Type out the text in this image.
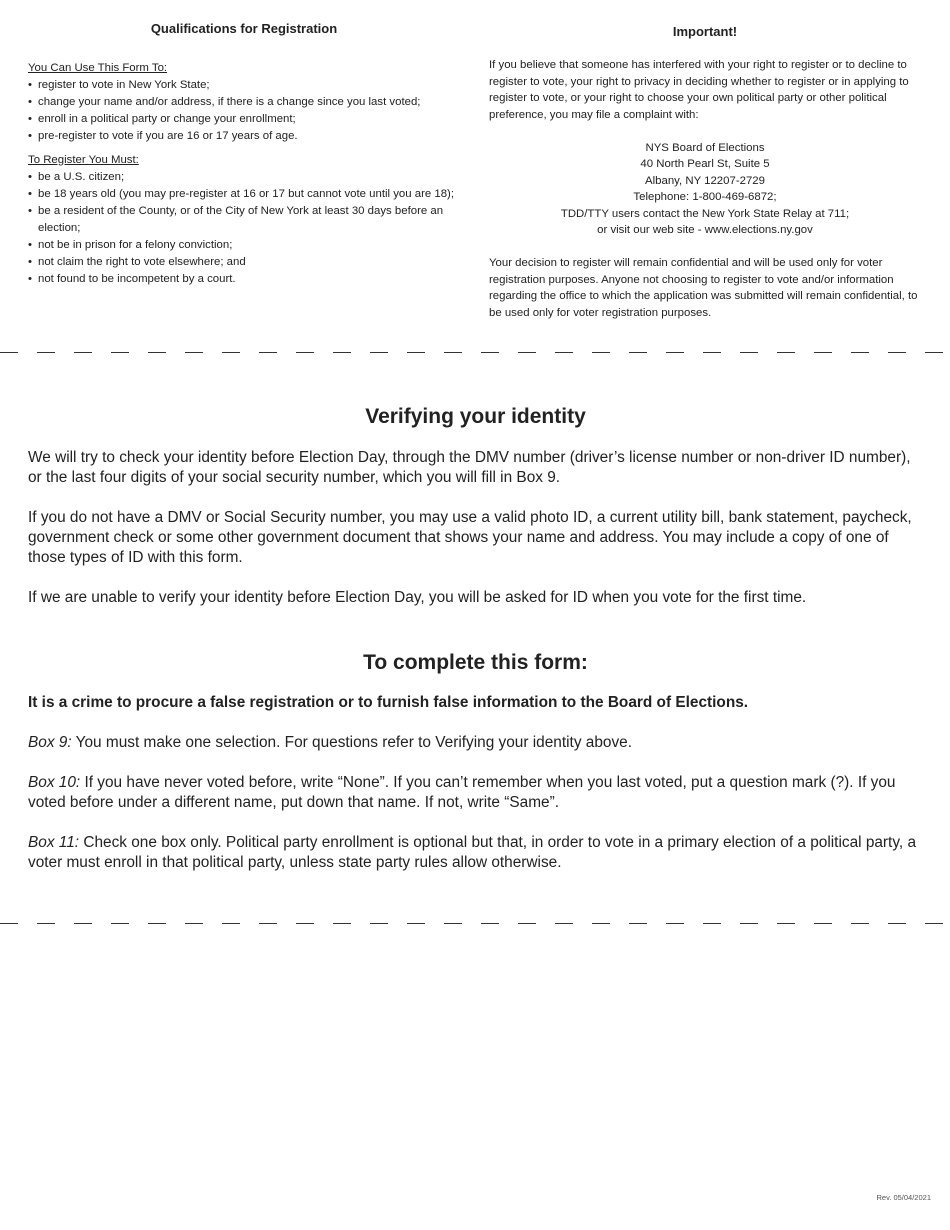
Qualifications for Registration
You Can Use This Form To:
• register to vote in New York State;
• change your name and/or address, if there is a change since you last voted;
• enroll in a political party or change your enrollment;
• pre-register to vote if you are 16 or 17 years of age.
To Register You Must:
• be a U.S. citizen;
• be 18 years old (you may pre-register at 16 or 17 but cannot vote until you are 18);
• be a resident of the County, or of the City of New York at least 30 days before an election;
• not be in prison for a felony conviction;
• not claim the right to vote elsewhere; and
• not found to be incompetent by a court.
Important!

If you believe that someone has interfered with your right to register or to decline to register to vote, your right to privacy in deciding whether to register or in applying to register to vote, or your right to choose your own political party or other political preference, you may file a complaint with:

NYS Board of Elections
40 North Pearl St, Suite 5
Albany, NY 12207-2729
Telephone: 1-800-469-6872;
TDD/TTY users contact the New York State Relay at 711;
or visit our web site - www.elections.ny.gov

Your decision to register will remain confidential and will be used only for voter registration purposes. Anyone not choosing to register to vote and/or information regarding the office to which the application was submitted will remain confidential, to be used only for voter registration purposes.

Verifying your identity

We will try to check your identity before Election Day, through the DMV number (driver’s license number or non-driver ID number), or the last four digits of your social security number, which you will fill in Box 9.

If you do not have a DMV or Social Security number, you may use a valid photo ID, a current utility bill, bank statement, paycheck, government check or some other government document that shows your name and address. You may include a copy of one of those types of ID with this form.

If we are unable to verify your identity before Election Day, you will be asked for ID when you vote for the first time.

To complete this form:

It is a crime to procure a false registration or to furnish false information to the Board of Elections.

Box 9: You must make one selection. For questions refer to Verifying your identity above.

Box 10: If you have never voted before, write “None”. If you can’t remember when you last voted, put a question mark (?). If you voted before under a different name, put down that name. If not, write “Same”.

Box 11: Check one box only. Political party enrollment is optional but that, in order to vote in a primary election of a political party, a voter must enroll in that political party, unless state party rules allow otherwise.

Rev. 05/04/2021
